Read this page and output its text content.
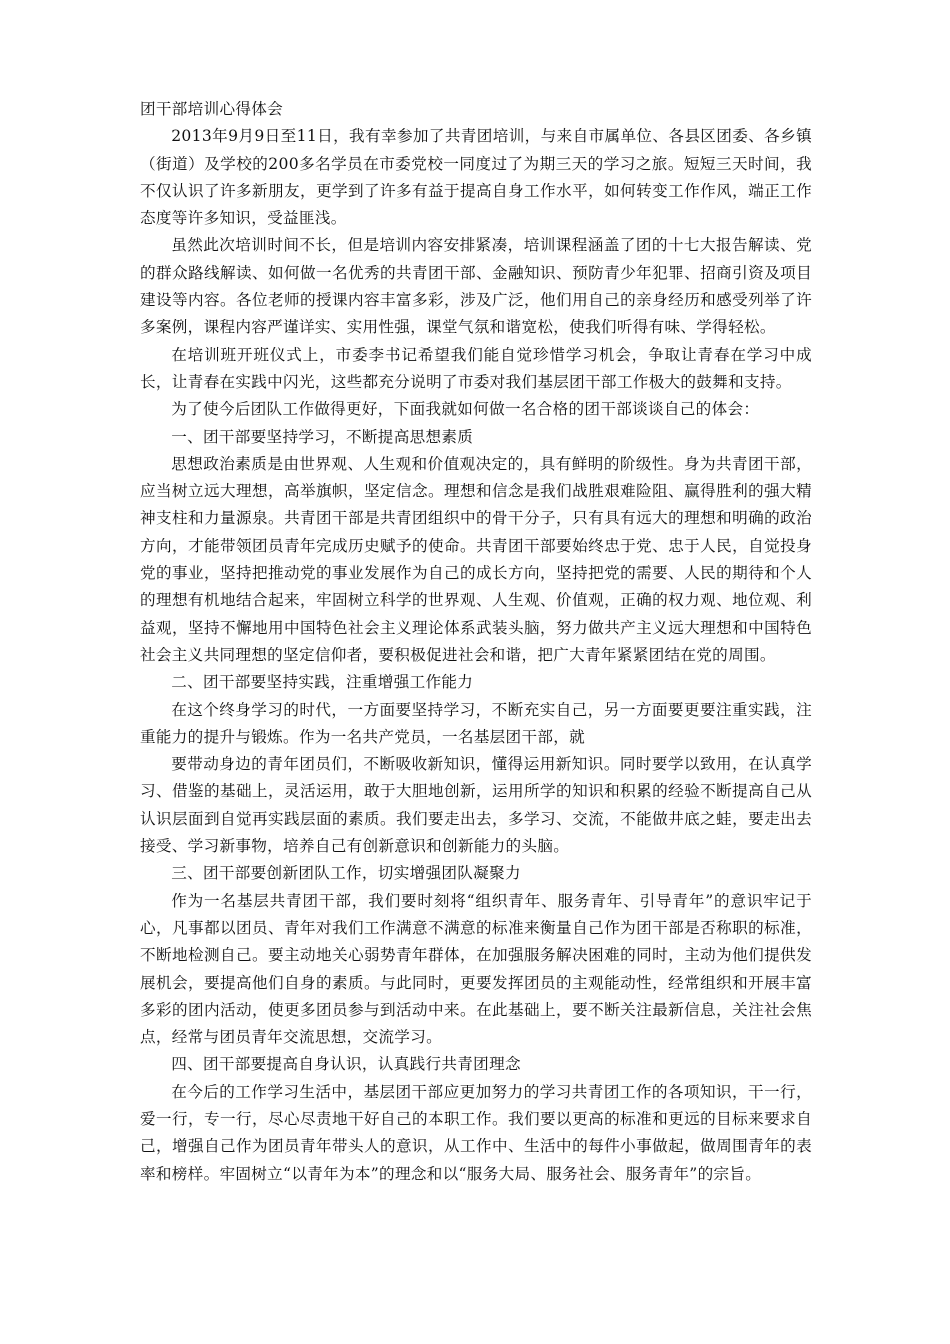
团干部培训心得体会

2013年9月9日至11日，我有幸参加了共青团培训，与来自市属单位、各县区团委、各乡镇（街道）及学校的200多名学员在市委党校一同度过了为期三天的学习之旅。短短三天时间，我不仅认识了许多新朋友，更学到了许多有益于提高自身工作水平，如何转变工作作风，端正工作态度等许多知识，受益匪浅。

虽然此次培训时间不长，但是培训内容安排紧凑，培训课程涵盖了团的十七大报告解读、党的群众路线解读、如何做一名优秀的共青团干部、金融知识、预防青少年犯罪、招商引资及项目建设等内容。各位老师的授课内容丰富多彩，涉及广泛，他们用自己的亲身经历和感受列举了许多案例，课程内容严谨详实、实用性强，课堂气氛和谐宽松，使我们听得有味、学得轻松。

在培训班开班仪式上，市委李书记希望我们能自觉珍惜学习机会，争取让青春在学习中成长，让青春在实践中闪光，这些都充分说明了市委对我们基层团干部工作极大的鼓舞和支持。

为了使今后团队工作做得更好，下面我就如何做一名合格的团干部谈谈自己的体会：

一、团干部要坚持学习，不断提高思想素质

思想政治素质是由世界观、人生观和价值观决定的，具有鲜明的阶级性。身为共青团干部，应当树立远大理想，高举旗帜，坚定信念。理想和信念是我们战胜艰难险阻、赢得胜利的强大精神支柱和力量源泉。共青团干部是共青团组织中的骨干分子，只有具有远大的理想和明确的政治方向，才能带领团员青年完成历史赋予的使命。共青团干部要始终忠于党、忠于人民，自觉投身党的事业，坚持把推动党的事业发展作为自己的成长方向，坚持把党的需要、人民的期待和个人的理想有机地结合起来，牢固树立科学的世界观、人生观、价值观，正确的权力观、地位观、利益观，坚持不懈地用中国特色社会主义理论体系武装头脑，努力做共产主义远大理想和中国特色社会主义共同理想的坚定信仰者，要积极促进社会和谐，把广大青年紧紧团结在党的周围。

二、团干部要坚持实践，注重增强工作能力

在这个终身学习的时代，一方面要坚持学习，不断充实自己，另一方面要更要注重实践，注重能力的提升与锻炼。作为一名共产党员，一名基层团干部，就

要带动身边的青年团员们，不断吸收新知识，懂得运用新知识。同时要学以致用，在认真学习、借鉴的基础上，灵活运用，敢于大胆地创新，运用所学的知识和积累的经验不断提高自己从认识层面到自觉再实践层面的素质。我们要走出去，多学习、交流，不能做井底之蛙，要走出去接受、学习新事物，培养自己有创新意识和创新能力的头脑。

三、团干部要创新团队工作，切实增强团队凝聚力

作为一名基层共青团干部，我们要时刻将“组织青年、服务青年、引导青年”的意识牢记于心，凡事都以团员、青年对我们工作满意不满意的标准来衡量自己作为团干部是否称职的标准，不断地检测自己。要主动地关心弱势青年群体，在加强服务解决困难的同时，主动为他们提供发展机会，要提高他们自身的素质。与此同时，更要发挥团员的主观能动性，经常组织和开展丰富多彩的团内活动，使更多团员参与到活动中来。在此基础上，要不断关注最新信息，关注社会焦点，经常与团员青年交流思想，交流学习。

四、团干部要提高自身认识，认真践行共青团理念

在今后的工作学习生活中，基层团干部应更加努力的学习共青团工作的各项知识，干一行，爱一行，专一行，尽心尽责地干好自己的本职工作。我们要以更高的标准和更远的目标来要求自己，增强自己作为团员青年带头人的意识，从工作中、生活中的每件小事做起，做周围青年的表率和榜样。牢固树立“以青年为本”的理念和以“服务大局、服务社会、服务青年”的宗旨。
